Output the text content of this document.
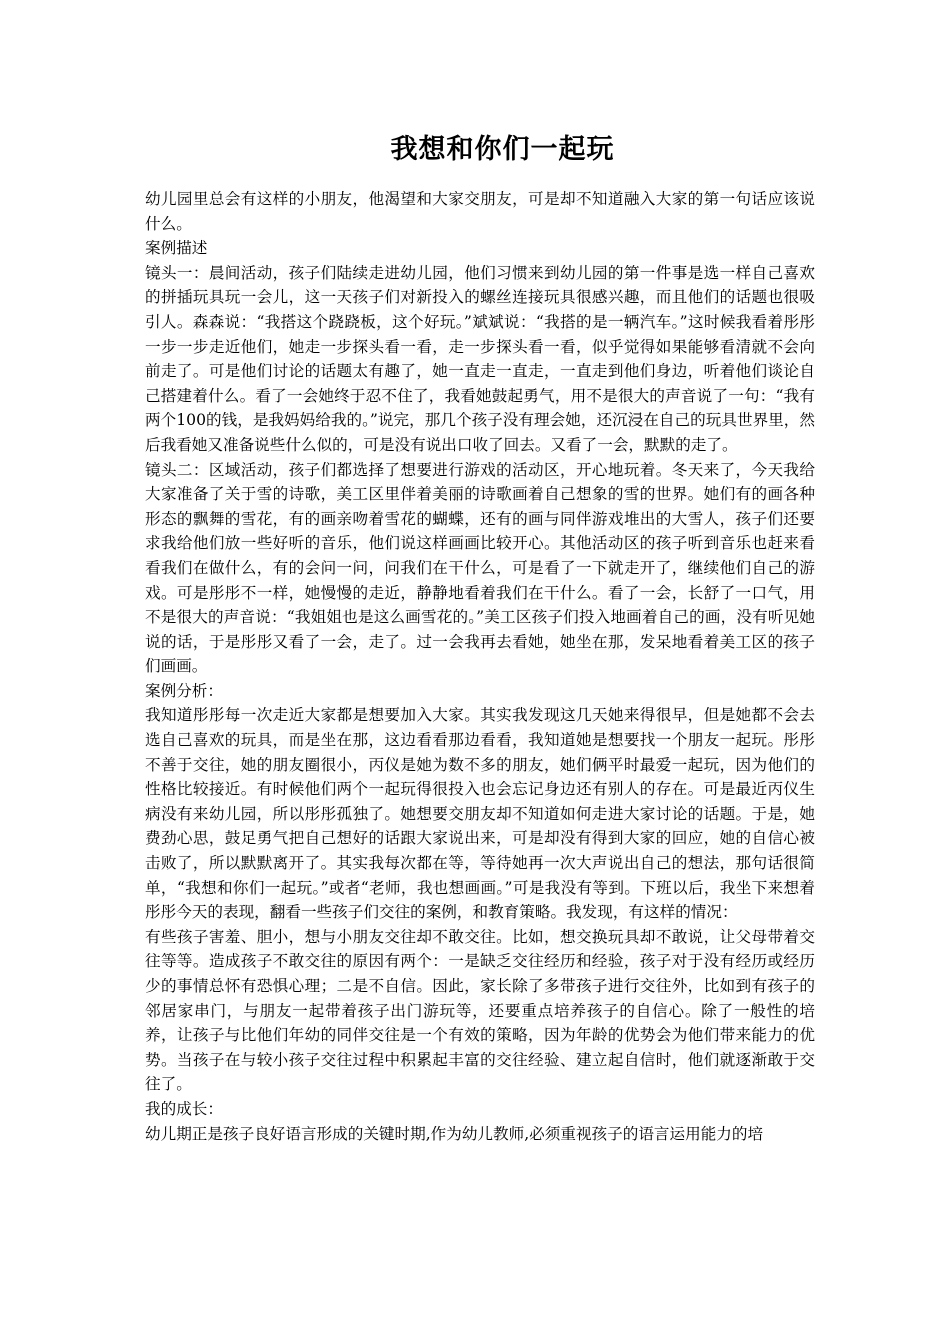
我想和你们一起玩

幼儿园里总会有这样的小朋友，他渴望和大家交朋友，可是却不知道融入大家的第一句话应该说什么。

案例描述

镜头一：晨间活动，孩子们陆续走进幼儿园，他们习惯来到幼儿园的第一件事是选一样自己喜欢的拼插玩具玩一会儿，这一天孩子们对新投入的螺丝连接玩具很感兴趣，而且他们的话题也很吸引人。森森说：“我搭这个跷跷板，这个好玩。”斌斌说：“我搭的是一辆汽车。”这时候我看着彤彤一步一步走近他们，她走一步探头看一看，走一步探头看一看，似乎觉得如果能够看清就不会向前走了。可是他们讨论的话题太有趣了，她一直走一直走，一直走到他们身边，听着他们谈论自己搭建着什么。看了一会她终于忍不住了，我看她鼓起勇气，用不是很大的声音说了一句：“我有两个100的钱，是我妈妈给我的。”说完，那几个孩子没有理会她，还沉浸在自己的玩具世界里，然后我看她又准备说些什么似的，可是没有说出口收了回去。又看了一会，默默的走了。

镜头二：区域活动，孩子们都选择了想要进行游戏的活动区，开心地玩着。冬天来了，今天我给大家准备了关于雪的诗歌，美工区里伴着美丽的诗歌画着自己想象的雪的世界。她们有的画各种形态的飘舞的雪花，有的画亲吻着雪花的蝴蝶，还有的画与同伴游戏堆出的大雪人，孩子们还要求我给他们放一些好听的音乐，他们说这样画画比较开心。其他活动区的孩子听到音乐也赶来看看我们在做什么，有的会问一问，问我们在干什么，可是看了一下就走开了，继续他们自己的游戏。可是彤彤不一样，她慢慢的走近，静静地看着我们在干什么。看了一会，长舒了一口气，用不是很大的声音说：“我姐姐也是这么画雪花的。”美工区孩子们投入地画着自己的画，没有听见她说的话，于是彤彤又看了一会，走了。过一会我再去看她，她坐在那，发呆地看着美工区的孩子们画画。

案例分析：

我知道彤彤每一次走近大家都是想要加入大家。其实我发现这几天她来得很早，但是她都不会去选自己喜欢的玩具，而是坐在那，这边看看那边看看，我知道她是想要找一个朋友一起玩。彤彤不善于交往，她的朋友圈很小，丙仪是她为数不多的朋友，她们俩平时最爱一起玩，因为他们的性格比较接近。有时候他们两个一起玩得很投入也会忘记身边还有别人的存在。可是最近丙仪生病没有来幼儿园，所以彤彤孤独了。她想要交朋友却不知道如何走进大家讨论的话题。于是，她费劲心思，鼓足勇气把自己想好的话跟大家说出来，可是却没有得到大家的回应，她的自信心被击败了，所以默默离开了。其实我每次都在等，等待她再一次大声说出自己的想法，那句话很简单，“我想和你们一起玩。”或者“老师，我也想画画。”可是我没有等到。下班以后，我坐下来想着彤彤今天的表现，翻看一些孩子们交往的案例，和教育策略。我发现，有这样的情况：

有些孩子害羞、胆小，想与小朋友交往却不敢交往。比如，想交换玩具却不敢说，让父母带着交往等等。造成孩子不敢交往的原因有两个：一是缺乏交往经历和经验，孩子对于没有经历或经历少的事情总怀有恐惧心理；二是不自信。因此，家长除了多带孩子进行交往外，比如到有孩子的邻居家串门，与朋友一起带着孩子出门游玩等，还要重点培养孩子的自信心。除了一般性的培养，让孩子与比他们年幼的同伴交往是一个有效的策略，因为年龄的优势会为他们带来能力的优势。当孩子在与较小孩子交往过程中积累起丰富的交往经验、建立起自信时，他们就逐渐敢于交往了。

我的成长：

幼儿期正是孩子良好语言形成的关键时期,作为幼儿教师,必须重视孩子的语言运用能力的培
